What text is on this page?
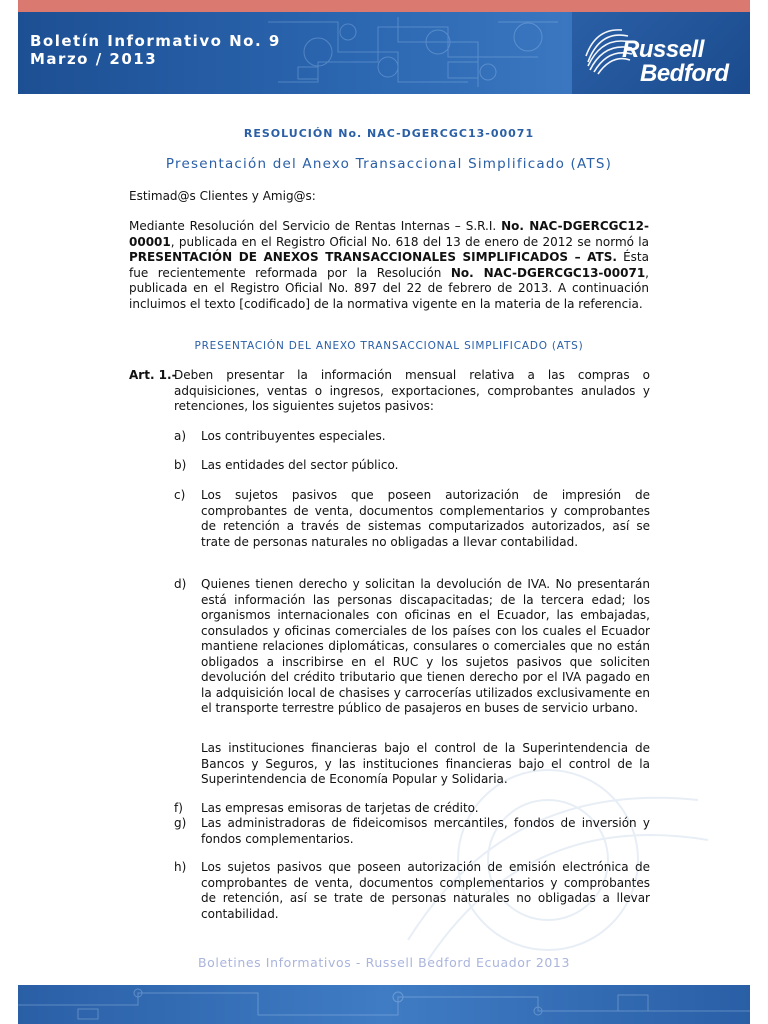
Boletín Informativo No. 9
Marzo / 2013	Russell
Bedford
RESOLUCIÓN No. NAC-DGERCGC13-00071
Presentación del Anexo Transaccional Simplificado (ATS)
Estimad@s Clientes y Amig@s:
Mediante Resolución del Servicio de Rentas Internas – S.R.I. No. NAC-DGERCGC12-00001, publicada en el Registro Oficial No. 618 del 13 de enero de 2012 se normó la PRESENTACIÓN DE ANEXOS TRANSACCIONALES SIMPLIFICADOS – ATS. Ésta fue recientemente reformada por la Resolución No. NAC-DGERCGC13-00071, publicada en el Registro Oficial No. 897 del 22 de febrero de 2013. A continuación incluimos el texto [codificado] de la normativa vigente en la materia de la referencia.
PRESENTACIÓN DEL ANEXO TRANSACCIONAL SIMPLIFICADO (ATS)
Art. 1.-
Deben presentar la información mensual relativa a las compras o adquisiciones, ventas o ingresos, exportaciones, comprobantes anulados y retenciones, los siguientes sujetos pasivos:
a) Los contribuyentes especiales.
b) Las entidades del sector público.
c) Los sujetos pasivos que poseen autorización de impresión de comprobantes de venta, documentos complementarios y comprobantes de retención a través de sistemas computarizados autorizados, así se trate de personas naturales no obligadas a llevar contabilidad.
d) Quienes tienen derecho y solicitan la devolución de IVA. No presentarán está información las personas discapacitadas; de la tercera edad; los organismos internacionales con oficinas en el Ecuador, las embajadas, consulados y oficinas comerciales de los países con los cuales el Ecuador mantiene relaciones diplomáticas, consulares o comerciales que no están obligados a inscribirse en el RUC y los sujetos pasivos que soliciten devolución del crédito tributario que tienen derecho por el IVA pagado en la adquisición local de chasises y carrocerías utilizados exclusivamente en el transporte terrestre público de pasajeros en buses de servicio urbano.
Las instituciones financieras bajo el control de la Superintendencia de Bancos y Seguros, y las instituciones financieras bajo el control de la Superintendencia de Economía Popular y Solidaria.
f) Las empresas emisoras de tarjetas de crédito.
g) Las administradoras de fideicomisos mercantiles, fondos de inversión y fondos complementarios.
h) Los sujetos pasivos que poseen autorización de emisión electrónica de comprobantes de venta, documentos complementarios y comprobantes de retención, así se trate de personas naturales no obligadas a llevar contabilidad.
Boletines Informativos - Russell Bedford Ecuador 2013
